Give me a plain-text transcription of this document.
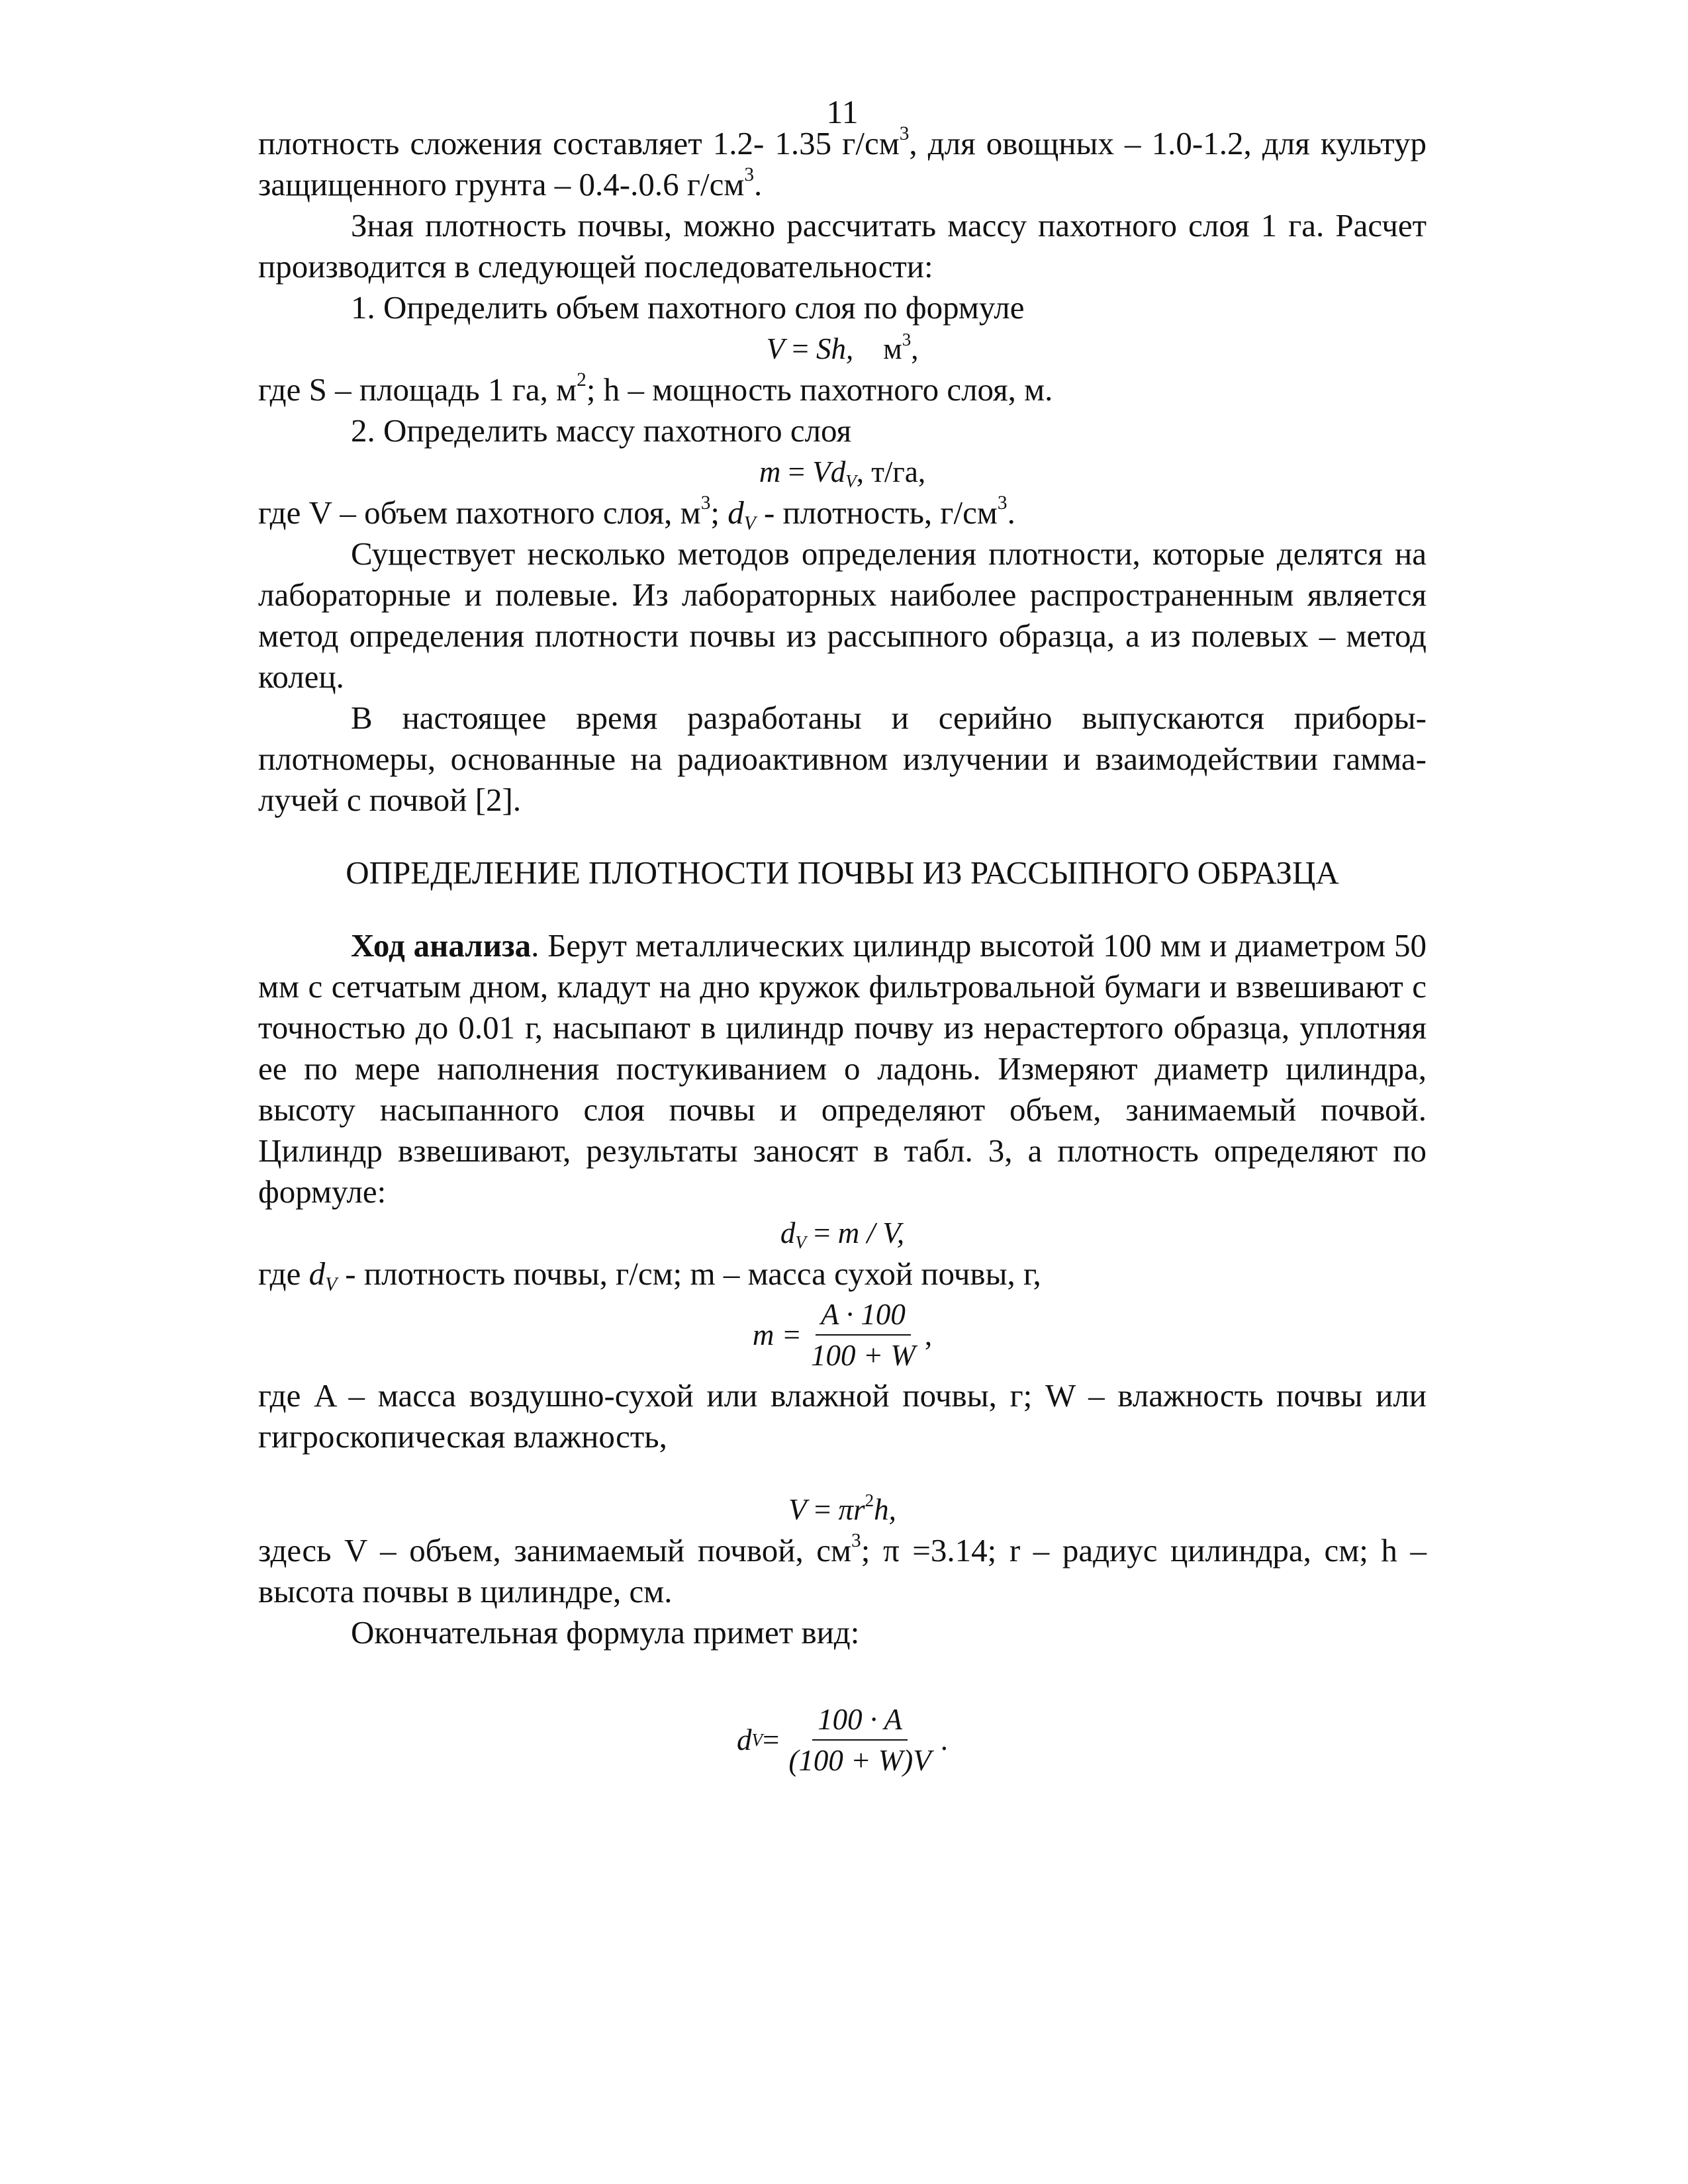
11

плотность сложения составляет 1.2- 1.35 $г/см^3$, для овощных – 1.0-1.2, для культур защищенного грунта – 0.4-.0.6 $г/см^3$.

Зная плотность почвы, можно рассчитать массу пахотного слоя 1 га. Расчет производится в следующей последовательности:

1. Определить объем пахотного слоя по формуле

V = Sh, $м^3$,

где S – площадь 1 га, $м^2$; h – мощность пахотного слоя, м.

2. Определить массу пахотного слоя

$m = Vd_V$, т/га,

где V – объем пахотного слоя, $м^3$; $d_V$ - плотность, $г/см^3$.

Существует несколько методов определения плотности, которые делятся на лабораторные и полевые. Из лабораторных наиболее распространенным является метод определения плотности почвы из рассыпного образца, а из полевых – метод колец.

В настоящее время разработаны и серийно выпускаются приборы-плотномеры, основанные на радиоактивном излучении и взаимодействии гамма-лучей с почвой [2].

ОПРЕДЕЛЕНИЕ ПЛОТНОСТИ ПОЧВЫ ИЗ РАССЫПНОГО ОБРАЗЦА

Ход анализа. Берут металлических цилиндр высотой 100 мм и диаметром 50 мм с сетчатым дном, кладут на дно кружок фильтровальной бумаги и взвешивают с точностью до 0.01 г, насыпают в цилиндр почву из нерастертого образца, уплотняя ее по мере наполнения постукиванием о ладонь. Измеряют диаметр цилиндра, высоту насыпанного слоя почвы и определяют объем, занимаемый почвой. Цилиндр взвешивают, результаты заносят в табл. 3, а плотность определяют по формуле:

$d_V = m / V$,

где $d_V$ - плотность почвы, г/см; m – масса сухой почвы, г,

$m = \frac{A \cdot 100}{100 + W}$ ,

где A – масса воздушно-сухой или влажной почвы, г; W – влажность почвы или гигроскопическая влажность,

$V = \pi r^2h$,

здесь V – объем, занимаемый почвой, $см^3$; π =3.14; r – радиус цилиндра, см; h – высота почвы в цилиндре, см.

Окончательная формула примет вид:

d $V = \frac{100 \cdot A}{(100 + W)V}$ .
